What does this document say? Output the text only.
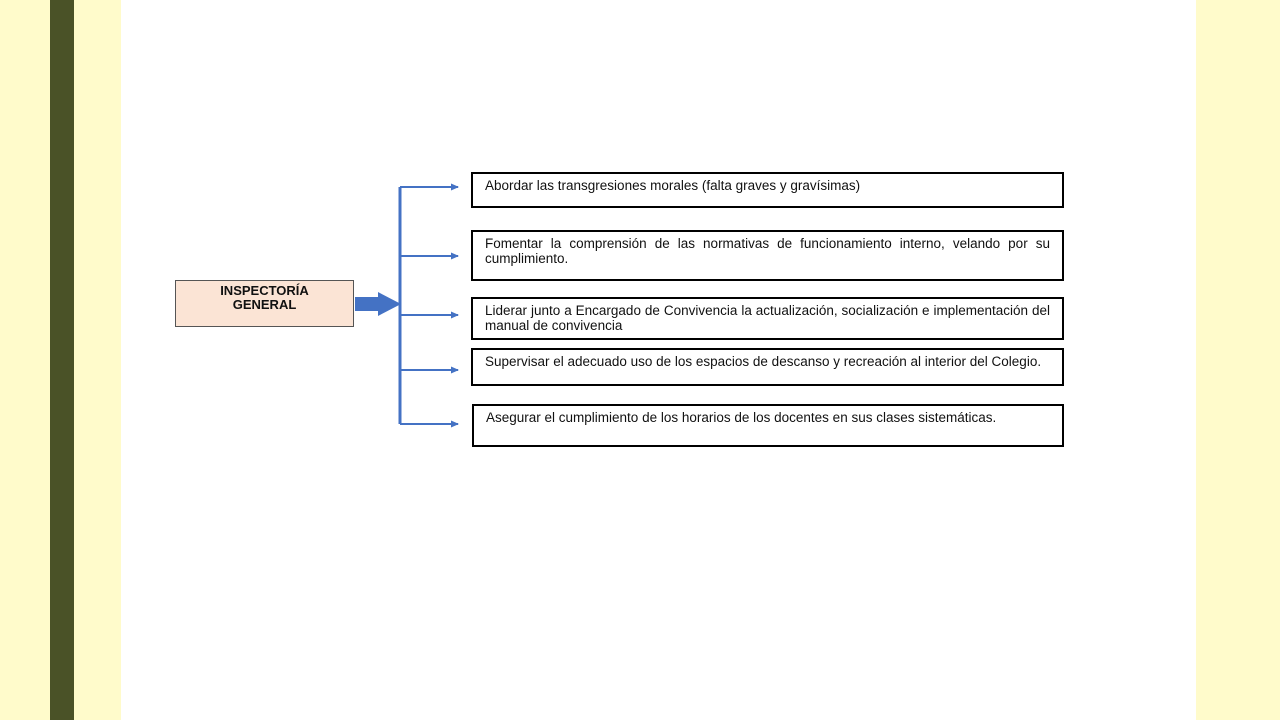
INSPECTORÍA
GENERAL
Abordar las transgresiones morales (falta graves y gravísimas)
Fomentar la comprensión de las normativas de funcionamiento interno, velando por su cumplimiento.
Liderar junto a Encargado de Convivencia la actualización, socialización e implementación del manual de convivencia
Supervisar el adecuado uso de los espacios de descanso y recreación al interior del Colegio.
Asegurar el cumplimiento de los horarios de los docentes en sus clases sistemáticas.
